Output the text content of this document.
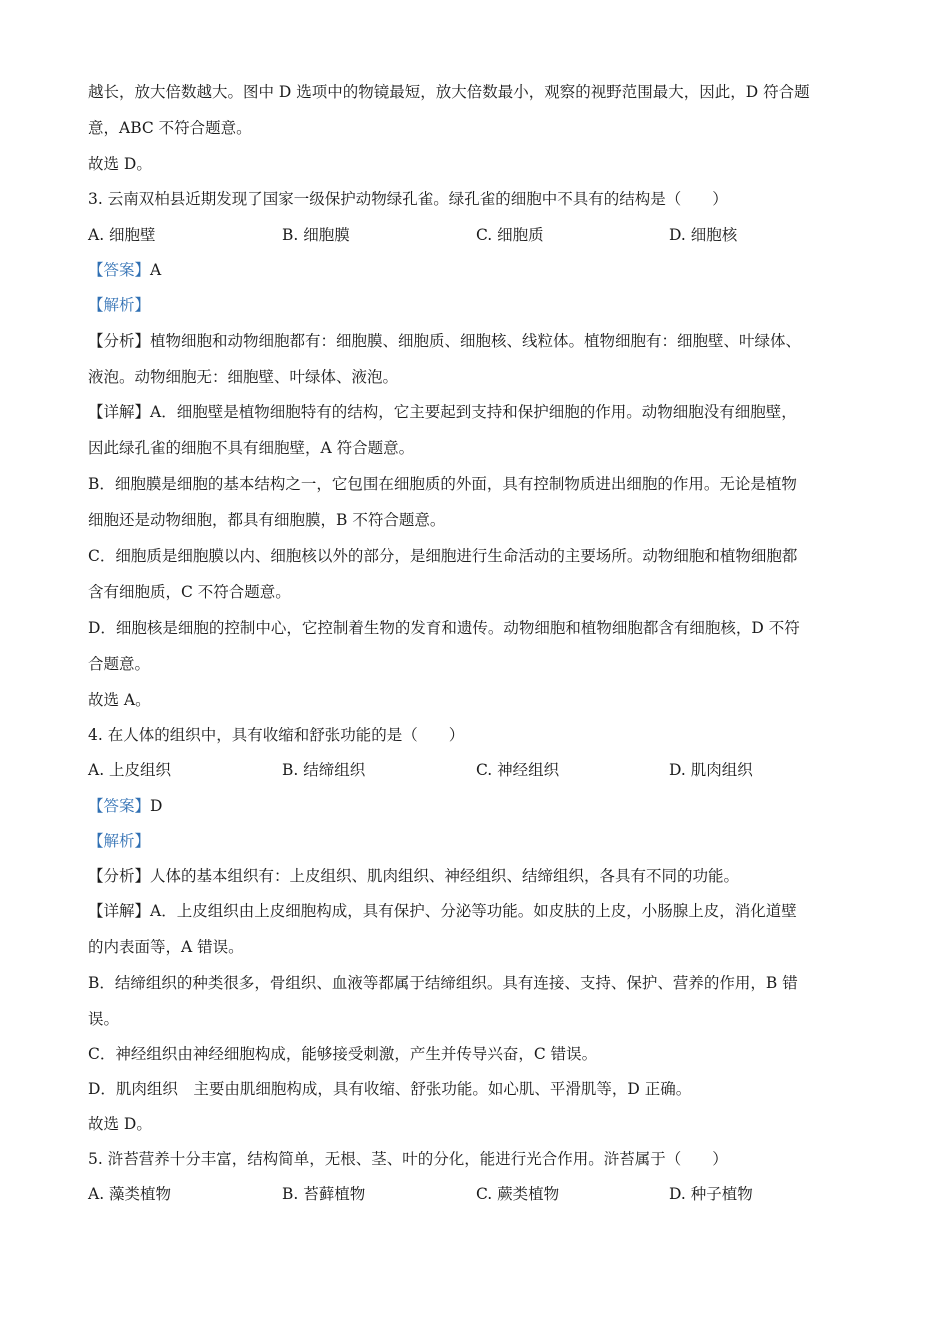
越长，放大倍数越大。图中 D 选项中的物镜最短，放大倍数最小，观察的视野范围最大，因此，D 符合题
意，ABC 不符合题意。
故选 D。
3. 云南双柏县近期发现了国家一级保护动物绿孔雀。绿孔雀的细胞中不具有的结构是（　　）
A. 细胞壁	B. 细胞膜	C. 细胞质	D. 细胞核
【答案】A
【解析】
【分析】植物细胞和动物细胞都有：细胞膜、细胞质、细胞核、线粒体。植物细胞有：细胞壁、叶绿体、
液泡。动物细胞无：细胞壁、叶绿体、液泡。
【详解】A．细胞壁是植物细胞特有的结构，它主要起到支持和保护细胞的作用。动物细胞没有细胞壁，
因此绿孔雀的细胞不具有细胞壁，A 符合题意。
B．细胞膜是细胞的基本结构之一，它包围在细胞质的外面，具有控制物质进出细胞的作用。无论是植物
细胞还是动物细胞，都具有细胞膜，B 不符合题意。
C．细胞质是细胞膜以内、细胞核以外的部分，是细胞进行生命活动的主要场所。动物细胞和植物细胞都
含有细胞质，C 不符合题意。
D．细胞核是细胞的控制中心，它控制着生物的发育和遗传。动物细胞和植物细胞都含有细胞核，D 不符
合题意。
故选 A。
4. 在人体的组织中，具有收缩和舒张功能的是（　　）
A. 上皮组织	B. 结缔组织	C. 神经组织	D. 肌肉组织
【答案】D
【解析】
【分析】人体的基本组织有：上皮组织、肌肉组织、神经组织、结缔组织，各具有不同的功能。
【详解】A．上皮组织由上皮细胞构成，具有保护、分泌等功能。如皮肤的上皮，小肠腺上皮，消化道壁
的内表面等，A 错误。
B．结缔组织的种类很多，骨组织、血液等都属于结缔组织。具有连接、支持、保护、营养的作用，B 错
误。
C．神经组织由神经细胞构成，能够接受刺激，产生并传导兴奋，C 错误。
D．肌肉组织　主要由肌细胞构成，具有收缩、舒张功能。如心肌、平滑肌等，D 正确。
故选 D。
5. 浒苔营养十分丰富，结构简单，无根、茎、叶的分化，能进行光合作用。浒苔属于（　　）
A. 藻类植物	B. 苔藓植物	C. 蕨类植物	D. 种子植物
